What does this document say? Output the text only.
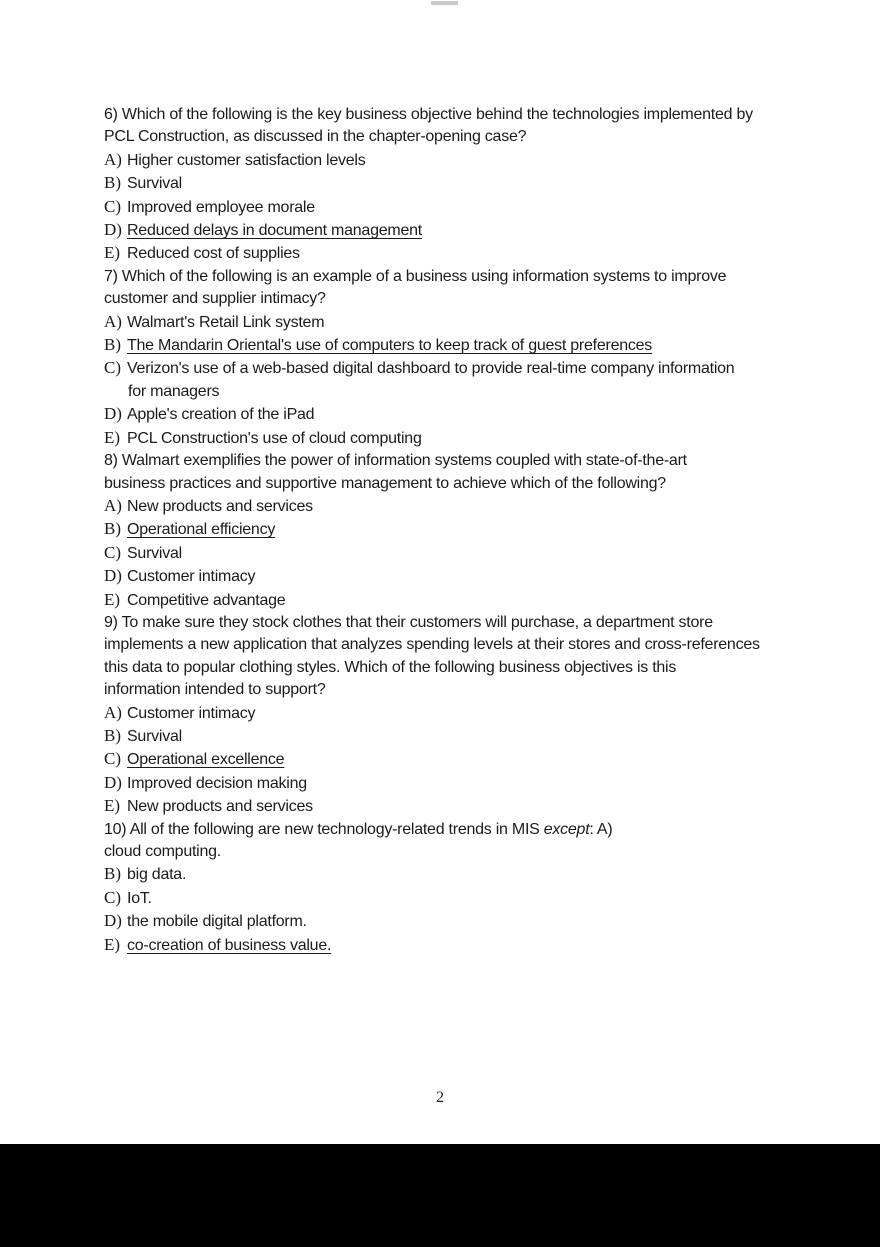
6) Which of the following is the key business objective behind the technologies implemented by
PCL Construction, as discussed in the chapter-opening case?
A) Higher customer satisfaction levels
B) Survival
C) Improved employee morale
D) Reduced delays in document management
E) Reduced cost of supplies
7) Which of the following is an example of a business using information systems to improve
customer and supplier intimacy?
A) Walmart's Retail Link system
B) The Mandarin Oriental's use of computers to keep track of guest preferences
C) Verizon's use of a web-based digital dashboard to provide real-time company information
for managers
D) Apple's creation of the iPad
E) PCL Construction's use of cloud computing
8) Walmart exemplifies the power of information systems coupled with state-of-the-art
business practices and supportive management to achieve which of the following?
A) New products and services
B) Operational efficiency
C) Survival
D) Customer intimacy
E) Competitive advantage
9) To make sure they stock clothes that their customers will purchase, a department store
implements a new application that analyzes spending levels at their stores and cross-references
this data to popular clothing styles. Which of the following business objectives is this
information intended to support?
A) Customer intimacy
B) Survival
C) Operational excellence
D) Improved decision making
E) New products and services
10) All of the following are new technology-related trends in MIS except: A)
cloud computing.
B) big data.
C) IoT.
D) the mobile digital platform.
E) co-creation of business value.
2
